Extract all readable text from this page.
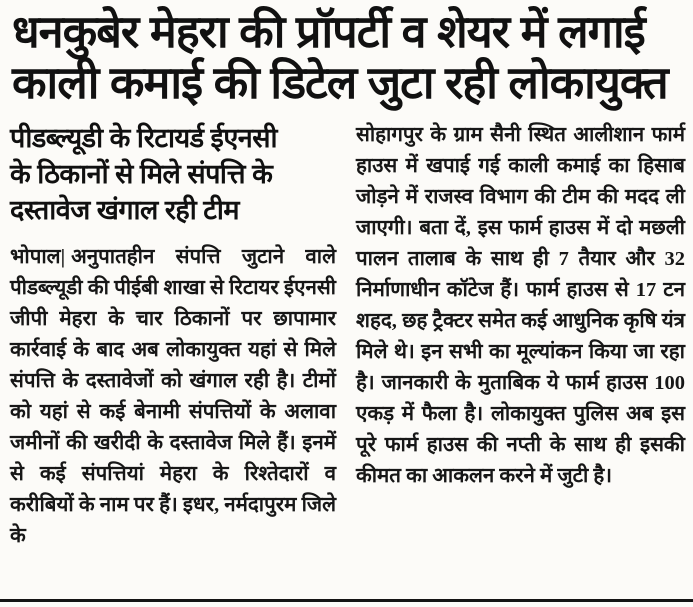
धनकुबेर मेहरा की प्रॉपर्टी व शेयर में लगाई
काली कमाई की डिटेल जुटा रही लोकायुक्त
पीडब्ल्यूडी के रिटायर्ड ईएनसी
के ठिकानों से मिले संपत्ति के
दस्तावेज खंगाल रही टीम

भोपाल| अनुपातहीन संपत्ति जुटाने वाले पीडब्ल्यूडी की पीईबी शाखा से रिटायर ईएनसी जीपी मेहरा के चार ठिकानों पर छापामार कार्रवाई के बाद अब लोकायुक्त यहां से मिले संपत्ति के दस्तावेजों को खंगाल रही है। टीमों को यहां से कई बेनामी संपत्तियों के अलावा जमीनों की खरीदी के दस्तावेज मिले हैं। इनमें से कई संपत्तियां मेहरा के रिश्तेदारों व करीबियों के नाम पर हैं। इधर, नर्मदापुरम जिले के

सोहागपुर के ग्राम सैनी स्थित आलीशान फार्म हाउस में खपाई गई काली कमाई का हिसाब जोड़ने में राजस्व विभाग की टीम की मदद ली जाएगी। बता दें, इस फार्म हाउस में दो मछली पालन तालाब के साथ ही 7 तैयार और 32 निर्माणाधीन कॉटेज हैं। फार्म हाउस से 17 टन शहद, छह ट्रैक्टर समेत कई आधुनिक कृषि यंत्र मिले थे। इन सभी का मूल्यांकन किया जा रहा है। जानकारी के मुताबिक ये फार्म हाउस 100 एकड़ में फैला है। लोकायुक्त पुलिस अब इस पूरे फार्म हाउस की नप्ती के साथ ही इसकी कीमत का आकलन करने में जुटी है।
